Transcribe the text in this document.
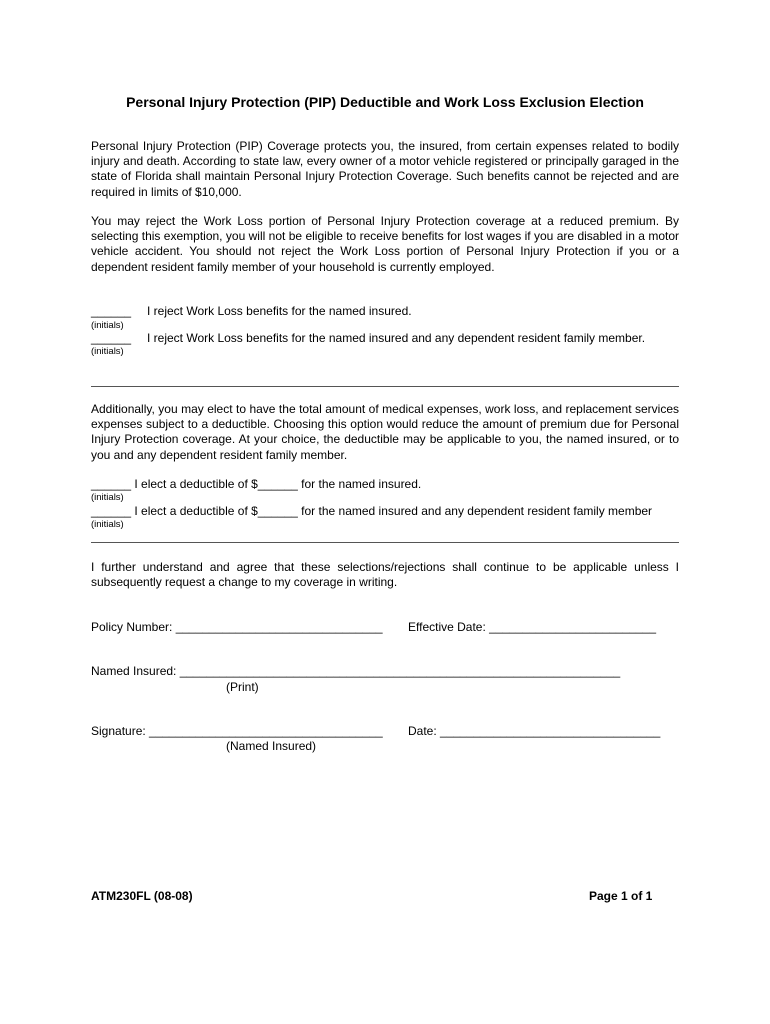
Personal Injury Protection (PIP) Deductible and Work Loss Exclusion Election

Personal Injury Protection (PIP) Coverage protects you, the insured, from certain expenses related to bodily injury and death. According to state law, every owner of a motor vehicle registered or principally garaged in the state of Florida shall maintain Personal Injury Protection Coverage. Such benefits cannot be rejected and are required in limits of $10,000.

You may reject the Work Loss portion of Personal Injury Protection coverage at a reduced premium. By selecting this exemption, you will not be eligible to receive benefits for lost wages if you are disabled in a motor vehicle accident. You should not reject the Work Loss portion of Personal Injury Protection if you or a dependent resident family member of your household is currently employed.

______ I reject Work Loss benefits for the named insured.
(initials)
______ I reject Work Loss benefits for the named insured and any dependent resident family member.
(initials)

Additionally, you may elect to have the total amount of medical expenses, work loss, and replacement services expenses subject to a deductible. Choosing this option would reduce the amount of premium due for Personal Injury Protection coverage. At your choice, the deductible may be applicable to you, the named insured, or to you and any dependent resident family member.

______ I elect a deductible of $______ for the named insured.
(initials)
______ I elect a deductible of $______ for the named insured and any dependent resident family member
(initials)

I further understand and agree that these selections/rejections shall continue to be applicable unless I subsequently request a change to my coverage in writing.

Policy Number: _______________________________ Effective Date: _________________________
Named Insured: __________________________________________________________________
(Print)
Signature: ___________________________________ Date: _________________________________
(Named Insured)
ATM230FL (08-08)	Page 1 of 1
